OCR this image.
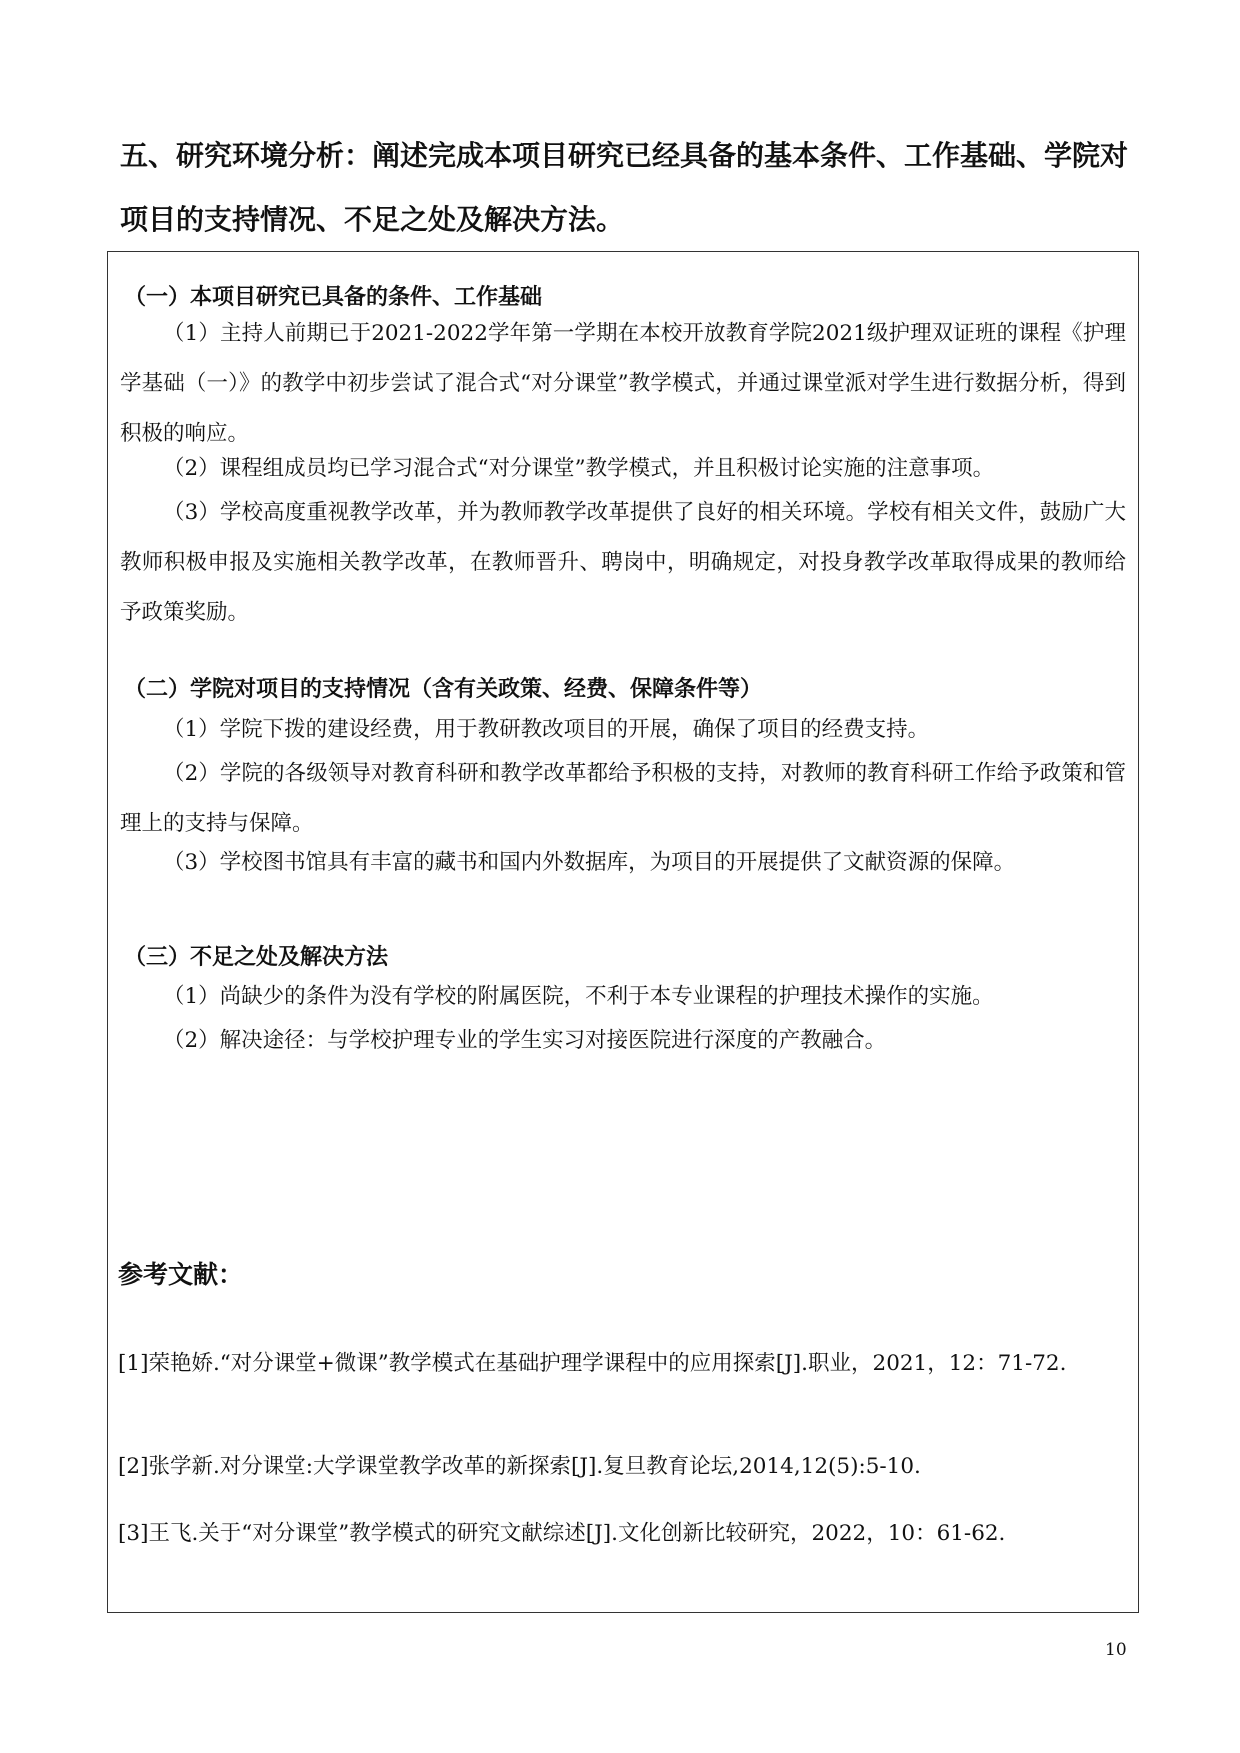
五、研究环境分析：阐述完成本项目研究已经具备的基本条件、工作基础、学院对项目的支持情况、不足之处及解决方法。
（一）本项目研究已具备的条件、工作基础

（1）主持人前期已于2021-2022学年第一学期在本校开放教育学院2021级护理双证班的课程《护理学基础（一）》的教学中初步尝试了混合式“对分课堂”教学模式，并通过课堂派对学生进行数据分析，得到积极的响应。

（2）课程组成员均已学习混合式“对分课堂”教学模式，并且积极讨论实施的注意事项。

（3）学校高度重视教学改革，并为教师教学改革提供了良好的相关环境。学校有相关文件，鼓励广大教师积极申报及实施相关教学改革，在教师晋升、聘岗中，明确规定，对投身教学改革取得成果的教师给予政策奖励。

（二）学院对项目的支持情况（含有关政策、经费、保障条件等）

（1）学院下拨的建设经费，用于教研教改项目的开展，确保了项目的经费支持。

（2）学院的各级领导对教育科研和教学改革都给予积极的支持，对教师的教育科研工作给予政策和管理上的支持与保障。

（3）学校图书馆具有丰富的藏书和国内外数据库，为项目的开展提供了文献资源的保障。

（三）不足之处及解决方法

（1）尚缺少的条件为没有学校的附属医院，不利于本专业课程的护理技术操作的实施。

（2）解决途径：与学校护理专业的学生实习对接医院进行深度的产教融合。

参考文献：

[1]荣艳娇.“对分课堂+微课”教学模式在基础护理学课程中的应用探索[J].职业，2021，12：71-72.

[2]张学新.对分课堂:大学课堂教学改革的新探索[J].复旦教育论坛,2014,12(5):5-10.

[3]王飞.关于“对分课堂”教学模式的研究文献综述[J].文化创新比较研究，2022，10：61-62.

10
